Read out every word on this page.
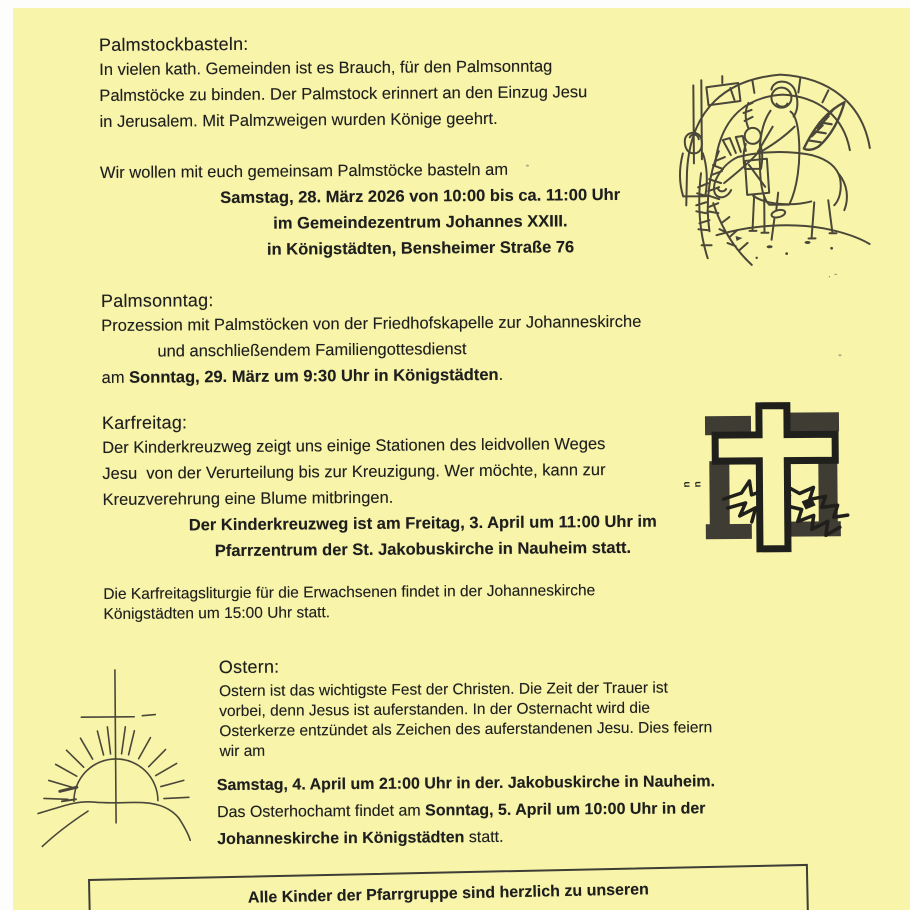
Palmstockbasteln:
In vielen kath. Gemeinden ist es Brauch, für den Palmsonntag
Palmstöcke zu binden. Der Palmstock erinnert an den Einzug Jesu
in Jerusalem. Mit Palmzweigen wurden Könige geehrt.
Wir wollen mit euch gemeinsam Palmstöcke basteln am
Samstag, 28. März 2026 von 10:00 bis ca. 11:00 Uhr
im Gemeindezentrum Johannes XXIII.
in Königstädten, Bensheimer Straße 76
Palmsonntag:
Prozession mit Palmstöcken von der Friedhofskapelle zur Johanneskirche
und anschließendem Familiengottesdienst
am Sonntag, 29. März um 9:30 Uhr in Königstädten.
Karfreitag:
Der Kinderkreuzweg zeigt uns einige Stationen des leidvollen Weges
Jesu  von der Verurteilung bis zur Kreuzigung. Wer möchte, kann zur
Kreuzverehrung eine Blume mitbringen.
Der Kinderkreuzweg ist am Freitag, 3. April um 11:00 Uhr im
Pfarrzentrum der St. Jakobuskirche in Nauheim statt.
Die Karfreitagsliturgie für die Erwachsenen findet in der Johanneskirche
Königstädten um 15:00 Uhr statt.
Ostern:
Ostern ist das wichtigste Fest der Christen. Die Zeit der Trauer ist
vorbei, denn Jesus ist auferstanden. In der Osternacht wird die
Osterkerze entzündet als Zeichen des auferstandenen Jesu. Dies feiern
wir am
Samstag, 4. April um 21:00 Uhr in der. Jakobuskirche in Nauheim.
Das Osterhochamt findet am Sonntag, 5. April um 10:00 Uhr in der
Johanneskirche in Königstädten statt.
n
n
. -
Alle Kinder der Pfarrgruppe sind herzlich zu unseren
